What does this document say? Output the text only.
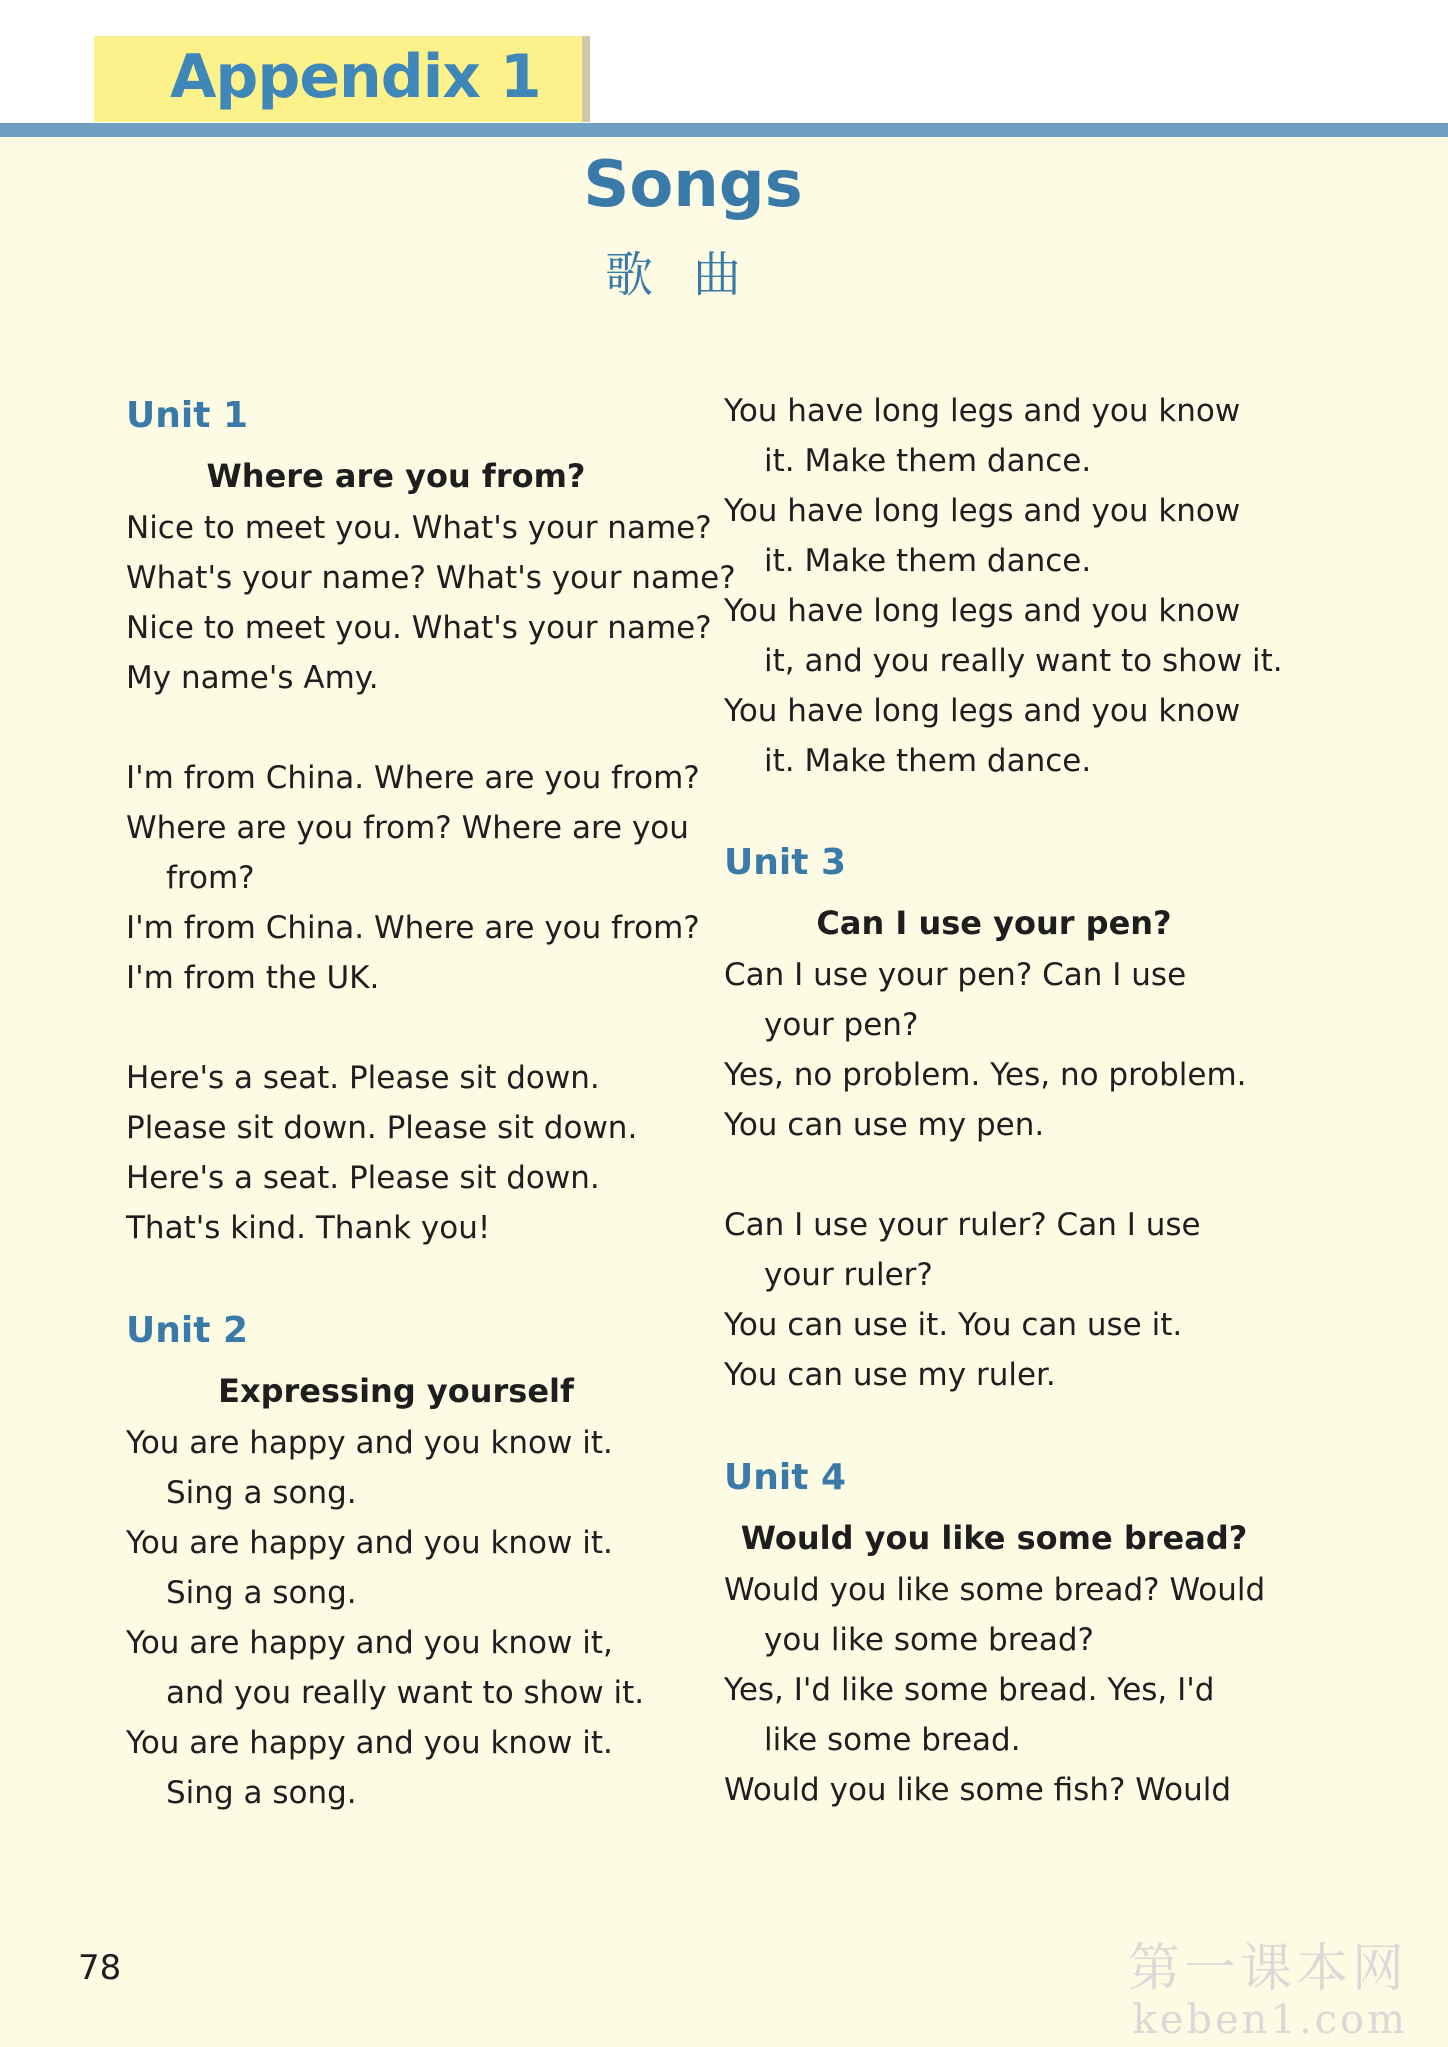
Appendix 1
Songs
歌曲
Unit 1
Where are you from?
Nice to meet you. What's your name?
What's your name? What's your name?
Nice to meet you. What's your name?
My name's Amy.
I'm from China. Where are you from?
Where are you from? Where are you
from?
I'm from China. Where are you from?
I'm from the UK.
Here's a seat. Please sit down.
Please sit down. Please sit down.
Here's a seat. Please sit down.
That's kind. Thank you!
Unit 2
Expressing yourself
You are happy and you know it.
Sing a song.
You are happy and you know it.
Sing a song.
You are happy and you know it,
and you really want to show it.
You are happy and you know it.
Sing a song.
You have long legs and you know
it. Make them dance.
You have long legs and you know
it. Make them dance.
You have long legs and you know
it, and you really want to show it.
You have long legs and you know
it. Make them dance.
Unit 3
Can I use your pen?
Can I use your pen? Can I use
your pen?
Yes, no problem. Yes, no problem.
You can use my pen.
Can I use your ruler? Can I use
your ruler?
You can use it. You can use it.
You can use my ruler.
Unit 4
Would you like some bread?
Would you like some bread? Would
you like some bread?
Yes, I'd like some bread. Yes, I'd
like some bread.
Would you like some fish? Would
78	第一课本网
keben1.com
